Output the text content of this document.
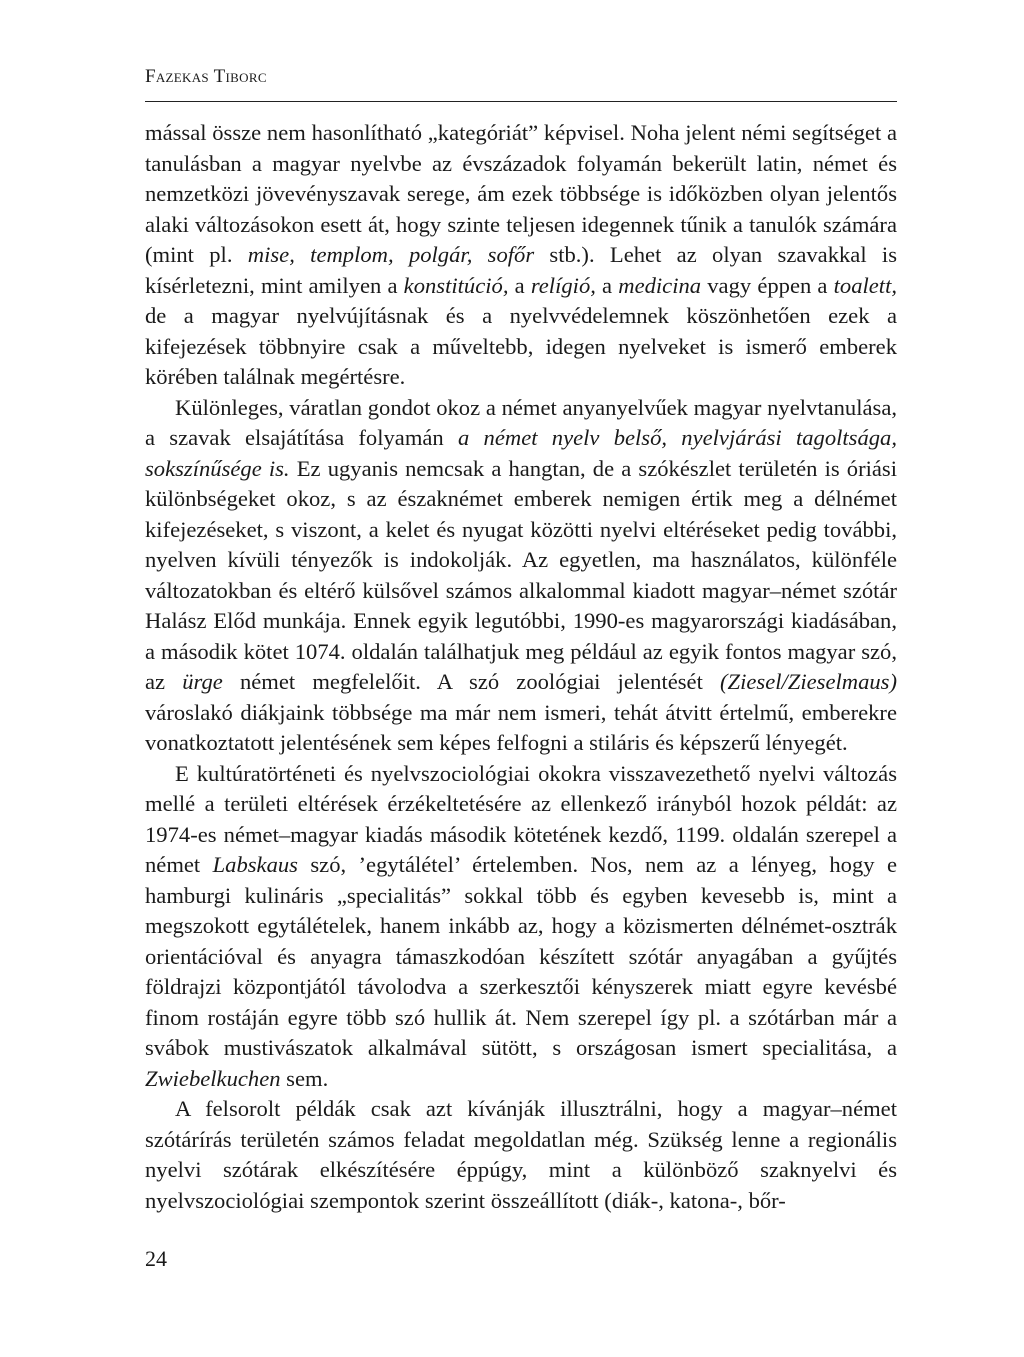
Fazekas Tiborc

mással össze nem hasonlítható „kategóriát” képvisel. Noha jelent némi segítséget a tanulásban a magyar nyelvbe az évszázadok folyamán bekerült latin, német és nemzetközi jövevényszavak serege, ám ezek többsége is időközben olyan jelentős alaki változásokon esett át, hogy szinte teljesen idegennek tűnik a tanulók számára (mint pl. mise, templom, polgár, sofőr stb.). Lehet az olyan szavakkal is kísérletezni, mint amilyen a konstitúció, a relígió, a medicina vagy éppen a toalett, de a magyar nyelvújításnak és a nyelvvédelemnek köszönhetően ezek a kifejezések többnyire csak a műveltebb, idegen nyelveket is ismerő emberek körében találnak megértésre.

Különleges, váratlan gondot okoz a német anyanyelvűek magyar nyelvtanulása, a szavak elsajátítása folyamán a német nyelv belső, nyelvjárási tagoltsága, sokszínűsége is. Ez ugyanis nemcsak a hangtan, de a szókészlet területén is óriási különbségeket okoz, s az északnémet emberek nemigen értik meg a délnémet kifejezéseket, s viszont, a kelet és nyugat közötti nyelvi eltéréseket pedig további, nyelven kívüli tényezők is indokolják. Az egyetlen, ma használatos, különféle változatokban és eltérő külsővel számos alkalommal kiadott magyar–német szótár Halász Előd munkája. Ennek egyik legutóbbi, 1990-es magyarországi kiadásában, a második kötet 1074. oldalán találhatjuk meg például az egyik fontos magyar szó, az ürge német megfelelőit. A szó zoológiai jelentését (Ziesel/Zieselmaus) városlakó diákjaink többsége ma már nem ismeri, tehát átvitt értelmű, emberekre vonatkoztatott jelentésének sem képes felfogni a stiláris és képszerű lényegét.

E kultúratörténeti és nyelvszociológiai okokra visszavezethető nyelvi változás mellé a területi eltérések érzékeltetésére az ellenkező irányból hozok példát: az 1974-es német–magyar kiadás második kötetének kezdő, 1199. oldalán szerepel a német Labskaus szó, ’egytálétel’ értelemben. Nos, nem az a lényeg, hogy e hamburgi kulináris „specialitás” sokkal több és egyben kevesebb is, mint a megszokott egytálételek, hanem inkább az, hogy a közismerten délnémet-osztrák orientációval és anyagra támaszkodóan készített szótár anyagában a gyűjtés földrajzi központjától távolodva a szerkesztői kényszerek miatt egyre kevésbé finom rostáján egyre több szó hullik át. Nem szerepel így pl. a szótárban már a svábok mustivászatok alkalmával sütött, s országosan ismert specialitása, a Zwiebelkuchen sem.

A felsorolt példák csak azt kívánják illusztrálni, hogy a magyar–német szótárírás területén számos feladat megoldatlan még. Szükség lenne a regionális nyelvi szótárak elkészítésére éppúgy, mint a különböző szaknyelvi és nyelvszociológiai szempontok szerint összeállított (diák-, katona-, bőr-

24
